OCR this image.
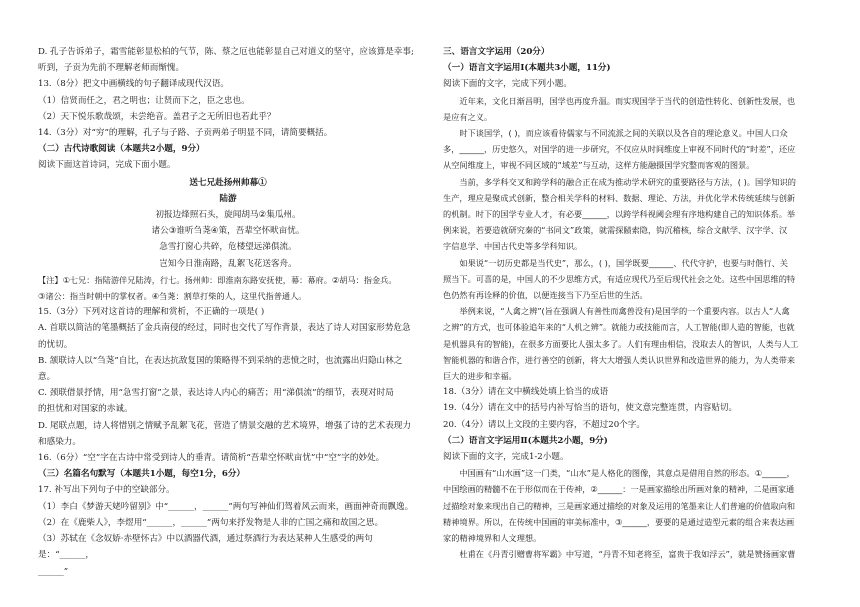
D. 孔子告诉弟子，霜雪能彰显松柏的气节，陈、蔡之厄也能彰显自己对道义的坚守，应该算是幸事;

听到，子贡为先前不理解老师而惭愧。

13.（8分）把文中画横线的句子翻译成现代汉语。

（1）信贤而任之，君之明也；让贤而下之，臣之忠也。

（2）天下悦乐歌哉颂，未尝绝音。盖君子之无所旧也若此乎？

14.（3分）对“穷”的理解，孔子与子路、子贡两弟子明显不同，请简要概括。

（二）古代诗歌阅读（本题共2小题，9分）

阅读下面这首诗词，完成下面小题。

送七兄赴扬州帅幕①

陆游

初报边烽照石头，旋闻胡马②集瓜州。

诸公③谁听刍荛④策，吾辈空怀畎亩忧。

急雪打窗心共碎，危楼望远涕俱流。

岂知今日淮南路，乱絮飞花送客舟。

【注】①七兄：指陆游伴兄陆涛，行七。扬州帅：即淮南东路安抚使，幕：幕府。②胡马：指金兵。

③诸公：指当时朝中的掌权者。④刍荛：割草打柴的人，这里代指普通人。

15.（3分）下列对这首诗的理解和赏析，不正确的一项是( )

A. 首联以简洁的笔墨概括了金兵南侵的经过，同时也交代了写作背景，表达了诗人对国家形势危急

的忧切。

B. 颔联诗人以“刍荛”自比，在表达抗敌复国的策略得不到采纳的悲愤之时，也流露出归隐山林之

意。

C. 颈联借景抒情，用“急雪打窗”之景，表达诗人内心的痛苦；用“涕俱流”的细节，表现对时局

的担忧和对国家的赤诚。

D. 尾联点题，诗人将惜别之情赋予乱絮飞花，营造了情景交融的艺术境界，增强了诗的艺术表现力

和感染力。

16.（6分）“空”字在古诗中常受到诗人的垂青。请简析“吾辈空怀畎亩忧”中“空”字的妙处。

（三）名篇名句默写（本题共1小题，每空1分，6分）

17. 补写出下列句子中的空缺部分。

（1）李白《梦游天姥吟留别》中“______，______”两句写神仙们驾着风云而来，画面神奇而飘逸。

（2）在《鹿柴人》，李煜用“______，______”两句来抒发物是人非的亡国之痛和故国之思。

（3）苏轼在《念奴娇·赤壁怀古》中以酒器代酒，通过祭酒行为表达某种人生感受的两句是：“______，

______”

三、语言文字运用（20分）

（一）语言文字运用Ⅰ(本题共3小题，11分)

阅读下面的文字，完成下列小题。

近年来，文化日渐昌明，国学也再度升温。而实现国学于当代的创造性转化、创新性发展，也

是应有之义。

时下谈国学，( )，而应该看待儒家与不同流派之间的关联以及各自的理论意义。中国人口众

多，______，历史悠久，对国学的进一步研究，不仅应从时间维度上审视不同时代的“时差”，还应

从空间维度上，审视不同区域的“域差”与互动，这样方能融摄国学究整而客观的图景。

当前，多学科交叉和跨学科的融合正在成为推动学术研究的重要路径与方法，( )。国学知识的

生产，理应是聚成式创新，整合相关学科的材料、数据、理论、方法，并优化学术传统延续与创新

的机制。时下的国学专业人才，有必要______，以跨学科视阈会理有序地构建自己的知识体系。举

例来说，若要造就研究秦的“书同文”政策，就需探赜索隐，钩沉稽核，综合文献学、汉字学、汉

字信息学、中国古代史等多学科知识。

如果说“一切历史都是当代史”，那么，( )，国学既要______、代代守护，也要与时偕行、关

照当下。可喜的是，中国人的不少思维方式，有适应现代乃至后现代社会之处。这些中国思维的特

色仍然有再诠释的价值，以便连接当下乃至后世的生活。

举例来说，“人禽之辨”(旨在强调人有善性而禽兽没有)是国学的一个重要内容。以古人“人禽

之辨”的方式，也可体验追年来的“人机之辨”。就能力或技能而言，人工智能(即人造的智能，也就

是机器具有的智能)，在很多方面要比人强太多了。人们有理由相信，没取去人的智识，人类与人工

智能机器的和谐合作，进行善空的创新，将大大增强人类认识世界和改造世界的能力，为人类带来

巨大的进步和幸福。

18.（3分）请在文中横线处填上恰当的成语

19.（4分）请在文中的括号内补写恰当的语句，使文意完整连贯，内容贴切。

20.（4分）请以上文段的主要内容，不超过20个字。

（二）语言文字运用Ⅱ(本题共2小题，9分)

阅读下面的文字，完成1-2小题。

中国画有“山水画”这一门类，“山水”是人格化的图像，其意点是借用自然的形态。①______，

中国绘画的精髓不在于形似而在于传神，②______：一是画家描绘出所画对象的精神，二是画家通

过描绘对象来现出自己的精神，三是画家通过描绘的对象及运用的笔墨来让人们普遍的价值取向和

精神境界。所以，在传统中国画的审美标准中，③______，要要的是通过造型元素的组合来表达画

家的精神境界和人文理想。

杜甫在《丹青引赠曹将军霸》中写道，“丹青不知老将至，富贵于我如浮云”，就是赞扬画家曹
